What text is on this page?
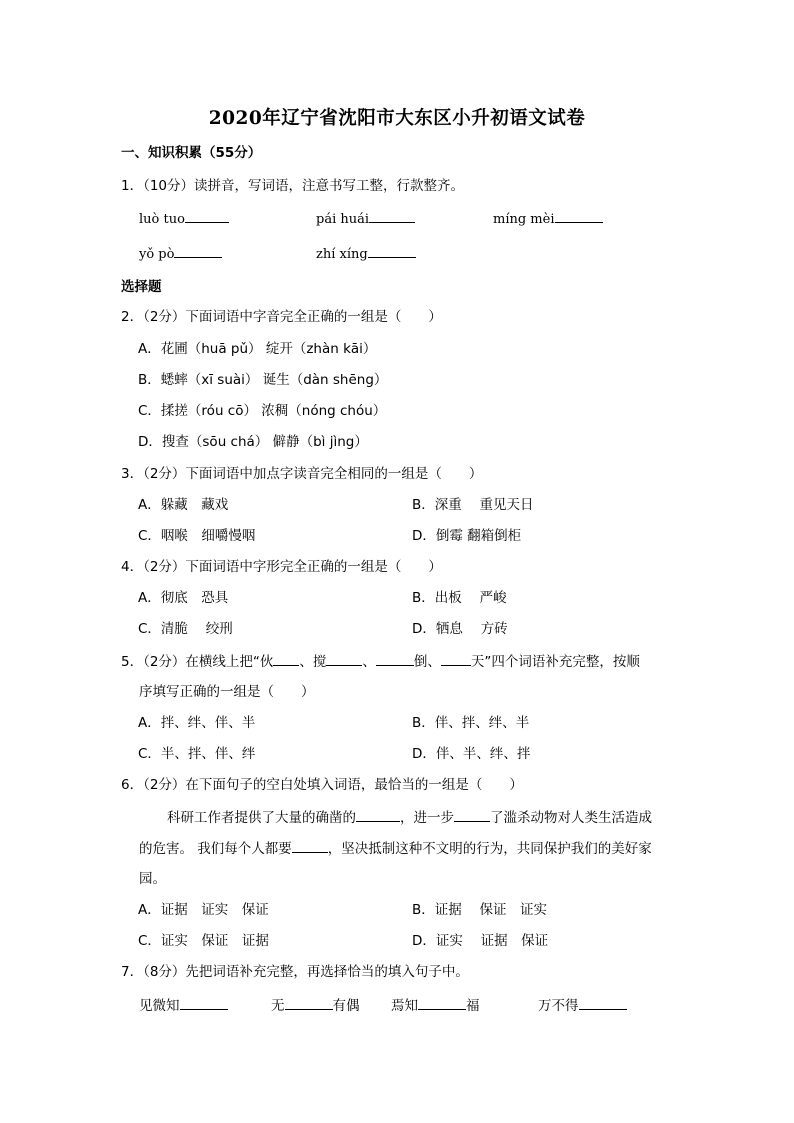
2020年辽宁省沈阳市大东区小升初语文试卷
一、知识积累（55分）
1．（10分）读拼音，写词语，注意书写工整，行款整齐。
luò tuo	pái huái	míng mèi
yǒ pò	zhí xíng
选择题
2．（2分）下面词语中字音完全正确的一组是（　　）
A．花圃（huā pǔ） 绽开（zhàn kāi）
B．蟋蟀（xī suài） 诞生（dàn shēng）
C．揉搓（róu cō） 浓稠（nóng chóu）
D．搜查（sōu chá） 僻静（bì jìng）
3．（2分）下面词语中加点字读音完全相同的一组是（　　）
A．躲藏　藏戏	B．深重　 重见天日
C．咽喉　细嚼慢咽	D．倒霉 翻箱倒柜
4．（2分）下面词语中字形完全正确的一组是（　　）
A．彻底　恐具	B．出板　 严峻
C．清脆　 绞刑	D．牺息　 方砖
5．（2分）在横线上把“伙 、搅	、	倒、 天”四个词语补充完整，按顺
序填写正确的一组是（　　）
A．拌、绊、伴、半	B．伴、拌、绊、半
C．半、拌、伴、绊	D．伴、半、绊、拌
6．（2分）在下面句子的空白处填入词语，最恰当的一组是（　　）
科研工作者提供了大量的确凿的	，进一步	了滥杀动物对人类生活造成
的危害。 我们每个人都要	，坚决抵制这种不文明的行为，共同保护我们的美好家
园。
A．证据　证实　保证	B．证据　 保证　证实
C．证实　保证　证据	D．证实　 证据　保证
7．（8分）先把词语补充完整，再选择恰当的填入句子中。
见微知	无	有偶 焉知	福	万不得
